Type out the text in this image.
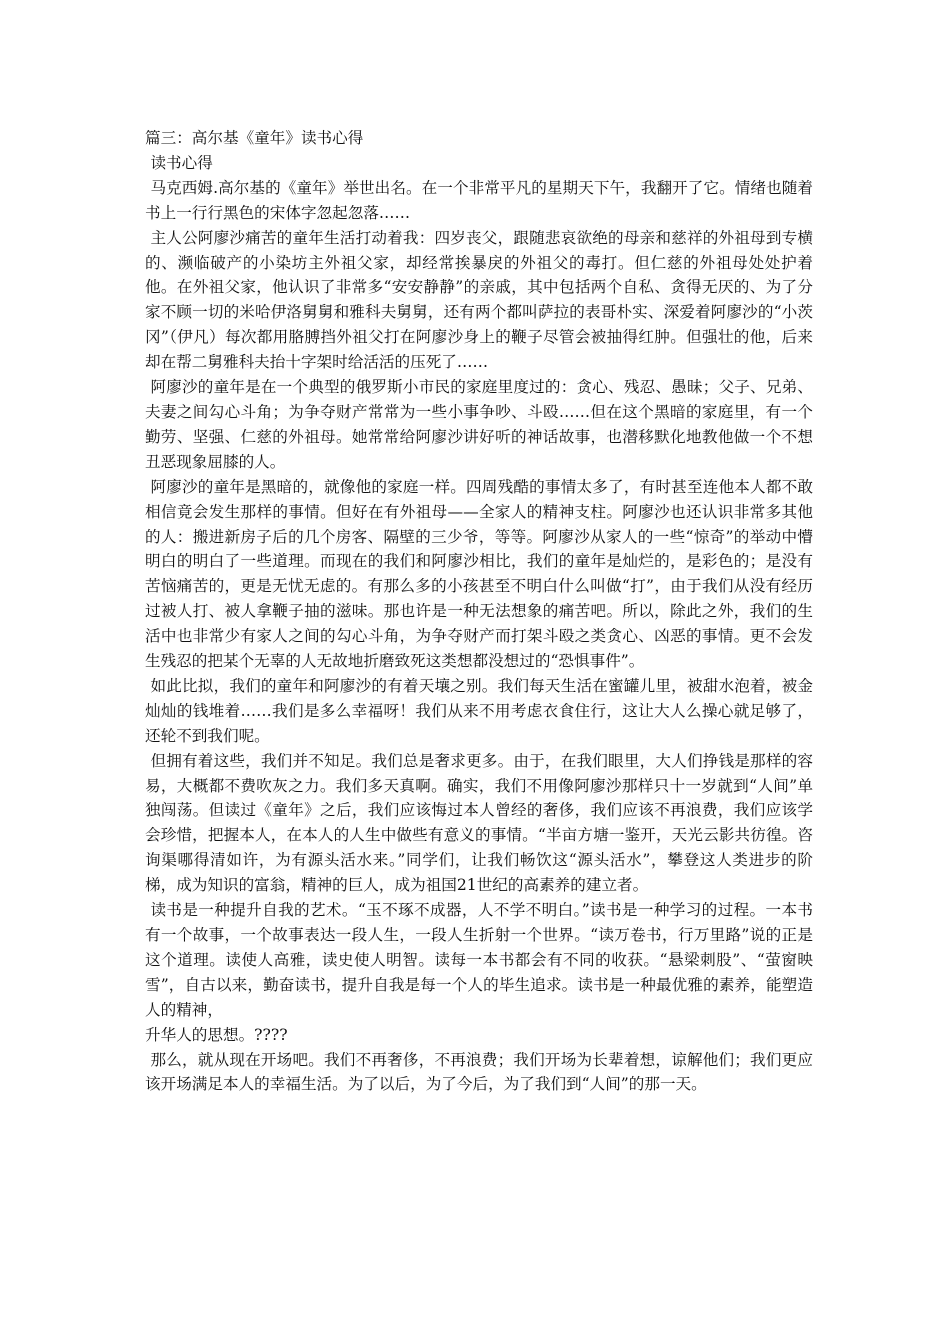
篇三：高尔基《童年》读书心得

读书心得

马克西姆.高尔基的《童年》举世出名。在一个非常平凡的星期天下午，我翻开了它。情绪也随着书上一行行黑色的宋体字忽起忽落……

主人公阿廖沙痛苦的童年生活打动着我：四岁丧父，跟随悲哀欲绝的母亲和慈祥的外祖母到专横的、濒临破产的小染坊主外祖父家，却经常挨暴戾的外祖父的毒打。但仁慈的外祖母处处护着他。在外祖父家，他认识了非常多“安安静静”的亲戚，其中包括两个自私、贪得无厌的、为了分家不顾一切的米哈伊洛舅舅和雅科夫舅舅，还有两个都叫萨拉的表哥朴实、深爱着阿廖沙的“小茨冈”（伊凡）每次都用胳膊挡外祖父打在阿廖沙身上的鞭子尽管会被抽得红肿。但强壮的他，后来却在帮二舅雅科夫抬十字架时给活活的压死了……

阿廖沙的童年是在一个典型的俄罗斯小市民的家庭里度过的：贪心、残忍、愚昧；父子、兄弟、夫妻之间勾心斗角；为争夺财产常常为一些小事争吵、斗殴……但在这个黑暗的家庭里，有一个勤劳、坚强、仁慈的外祖母。她常常给阿廖沙讲好听的神话故事，也潜移默化地教他做一个不想丑恶现象屈膝的人。

阿廖沙的童年是黑暗的，就像他的家庭一样。四周残酷的事情太多了，有时甚至连他本人都不敢相信竟会发生那样的事情。但好在有外祖母——全家人的精神支柱。阿廖沙也还认识非常多其他的人：搬进新房子后的几个房客、隔壁的三少爷，等等。阿廖沙从家人的一些“惊奇”的举动中懵明白的明白了一些道理。而现在的我们和阿廖沙相比，我们的童年是灿烂的，是彩色的；是没有苦恼痛苦的，更是无忧无虑的。有那么多的小孩甚至不明白什么叫做“打”，由于我们从没有经历过被人打、被人拿鞭子抽的滋味。那也许是一种无法想象的痛苦吧。所以，除此之外，我们的生活中也非常少有家人之间的勾心斗角，为争夺财产而打架斗殴之类贪心、凶恶的事情。更不会发生残忍的把某个无辜的人无故地折磨致死这类想都没想过的“恐惧事件”。

如此比拟，我们的童年和阿廖沙的有着天壤之别。我们每天生活在蜜罐儿里，被甜水泡着，被金灿灿的钱堆着……我们是多么幸福呀！我们从来不用考虑衣食住行，这让大人么操心就足够了，还轮不到我们呢。

但拥有着这些，我们并不知足。我们总是奢求更多。由于，在我们眼里，大人们挣钱是那样的容易，大概都不费吹灰之力。我们多天真啊。确实，我们不用像阿廖沙那样只十一岁就到“人间”单独闯荡。但读过《童年》之后，我们应该悔过本人曾经的奢侈，我们应该不再浪费，我们应该学会珍惜，把握本人，在本人的人生中做些有意义的事情。“半亩方塘一鉴开，天光云影共彷徨。咨询渠哪得清如许，为有源头活水来。”同学们，让我们畅饮这“源头活水”，攀登这人类进步的阶梯，成为知识的富翁，精神的巨人，成为祖国21世纪的高素养的建立者。

读书是一种提升自我的艺术。“玉不琢不成器，人不学不明白。”读书是一种学习的过程。一本书有一个故事，一个故事表达一段人生，一段人生折射一个世界。“读万卷书，行万里路”说的正是这个道理。读使人高雅，读史使人明智。读每一本书都会有不同的收获。“悬梁刺股”、“萤窗映雪”，自古以来，勤奋读书，提升自我是每一个人的毕生追求。读书是一种最优雅的素养，能塑造人的精神，

升华人的思想。????

那么，就从现在开场吧。我们不再奢侈，不再浪费；我们开场为长辈着想，谅解他们；我们更应该开场满足本人的幸福生活。为了以后，为了今后，为了我们到“人间”的那一天。
